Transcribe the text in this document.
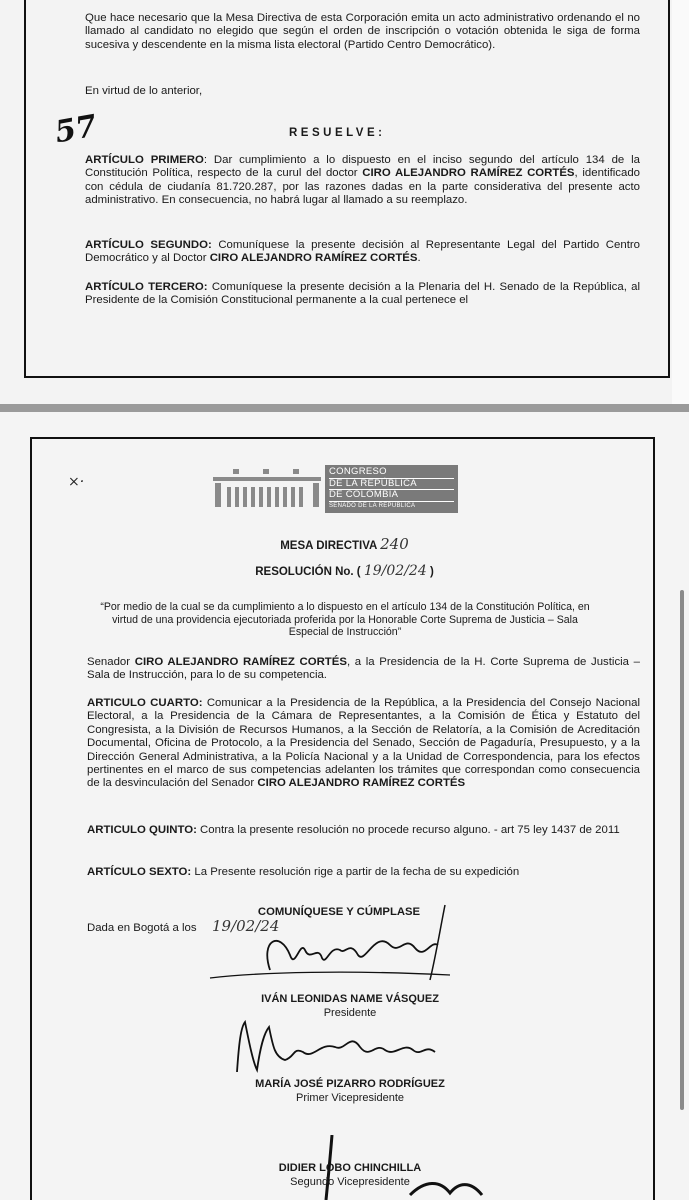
Que hace necesario que la Mesa Directiva de esta Corporación emita un acto administrativo ordenando el no llamado al candidato no elegido que según el orden de inscripción o votación obtenida le siga de forma sucesiva y descendente en la misma lista electoral (Partido Centro Democrático).
En virtud de lo anterior,
57	RESUELVE:
ARTÍCULO PRIMERO: Dar cumplimiento a lo dispuesto en el inciso segundo del artículo 134 de la Constitución Política, respecto de la curul del doctor CIRO ALEJANDRO RAMÍREZ CORTÉS, identificado con cédula de ciudanía 81.720.287, por las razones dadas en la parte considerativa del presente acto administrativo. En consecuencia, no habrá lugar al llamado a su reemplazo.
ARTÍCULO SEGUNDO: Comuníquese la presente decisión al Representante Legal del Partido Centro Democrático y al Doctor CIRO ALEJANDRO RAMÍREZ CORTÉS.
ARTÍCULO TERCERO: Comuníquese la presente decisión a la Plenaria del H. Senado de la República, al Presidente de la Comisión Constitucional permanente a la cual pertenece el
×·
CONGRESO
DE LA REPÚBLICA
DE COLOMBIA
SENADO DE LA REPÚBLICA
MESA DIRECTIVA 240
RESOLUCIÓN No. ( 19/02/24 )
“Por medio de la cual se da cumplimiento a lo dispuesto en el artículo 134 de la Constitución Política, en virtud de una providencia ejecutoriada proferida por la Honorable Corte Suprema de Justicia – Sala Especial de Instrucción”
Senador CIRO ALEJANDRO RAMÍREZ CORTÉS, a la Presidencia de la H. Corte Suprema de Justicia – Sala de Instrucción, para lo de su competencia.
ARTICULO CUARTO: Comunicar a la Presidencia de la República, a la Presidencia del Consejo Nacional Electoral, a la Presidencia de la Cámara de Representantes, a la Comisión de Ética y Estatuto del Congresista, a la División de Recursos Humanos, a la Sección de Relatoría, a la Comisión de Acreditación Documental, Oficina de Protocolo, a la Presidencia del Senado, Sección de Pagaduría, Presupuesto, y a la Dirección General Administrativa, a la Policía Nacional y a la Unidad de Correspondencia, para los efectos pertinentes en el marco de sus competencias adelanten los trámites que correspondan como consecuencia de la desvinculación del Senador CIRO ALEJANDRO RAMÍREZ CORTÉS
ARTICULO QUINTO: Contra la presente resolución no procede recurso alguno. - art 75 ley 1437 de 2011
ARTÍCULO SEXTO: La Presente resolución rige a partir de la fecha de su expedición
COMUNÍQUESE Y CÚMPLASE
Dada en Bogotá a los	19/02/24
IVÁN LEONIDAS NAME VÁSQUEZ
Presidente
MARÍA JOSÉ PIZARRO RODRÍGUEZ
Primer Vicepresidente
DIDIER LOBO CHINCHILLA
Segundo Vicepresidente
